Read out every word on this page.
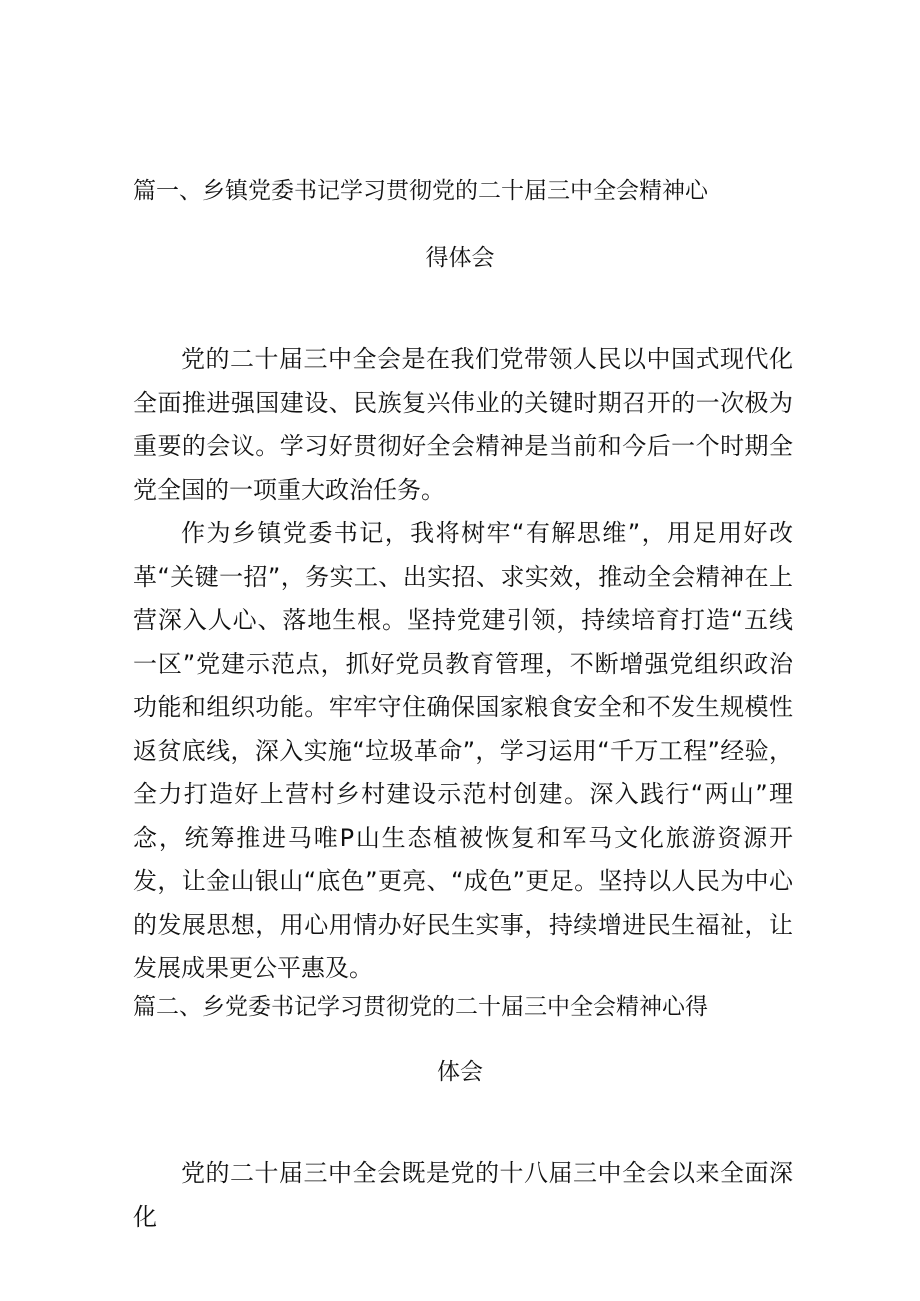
篇一、乡镇党委书记学习贯彻党的二十届三中全会精神心
得体会

党的二十届三中全会是在我们党带领人民以中国式现代化全面推进强国建设、民族复兴伟业的关键时期召开的一次极为重要的会议。学习好贯彻好全会精神是当前和今后一个时期全党全国的一项重大政治任务。

作为乡镇党委书记，我将树牢“有解思维”，用足用好改革“关键一招”，务实工、出实招、求实效，推动全会精神在上营深入人心、落地生根。坚持党建引领，持续培育打造“五线一区”党建示范点，抓好党员教育管理，不断增强党组织政治功能和组织功能。牢牢守住确保国家粮食安全和不发生规模性返贫底线，深入实施“垃圾革命”，学习运用“千万工程”经验，全力打造好上营村乡村建设示范村创建。深入践行“两山”理念，统筹推进马唯P山生态植被恢复和军马文化旅游资源开发，让金山银山“底色”更亮、“成色”更足。坚持以人民为中心的发展思想，用心用情办好民生实事，持续增进民生福祉，让发展成果更公平惠及。

篇二、乡党委书记学习贯彻党的二十届三中全会精神心得
体会

党的二十届三中全会既是党的十八届三中全会以来全面深化
